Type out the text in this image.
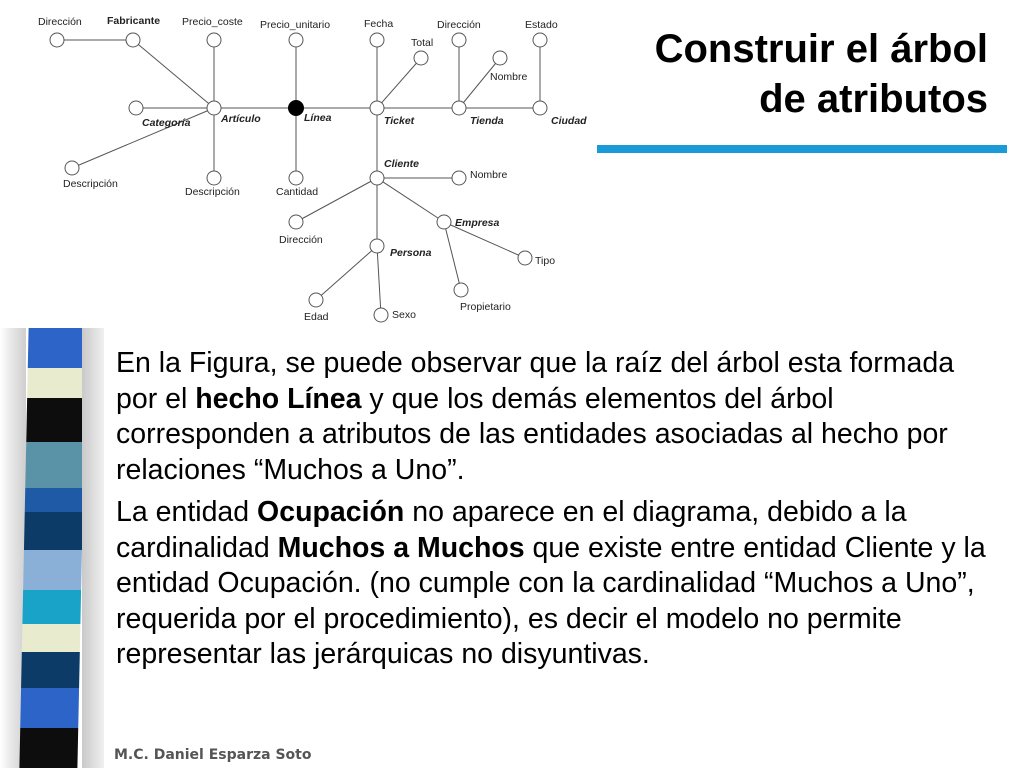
Dirección Fabricante Precio_coste Precio_unitario	Fecha
Total
Dirección	Estado
Nombre
Categoría	Artículo	Línea	Ticket	Tienda	Ciudad
Descripción
Descripción	Cantidad
Cliente
Nombre
Empresa
Dirección
Persona
Tipo
Propietario
Edad	Sexo
Construir el árbol
de atributos

En la Figura, se puede observar que la raíz del árbol esta formada por el hecho Línea y que los demás elementos del árbol corresponden a atributos de las entidades asociadas al hecho por relaciones “Muchos a Uno”.

La entidad Ocupación no aparece en el diagrama, debido a la cardinalidad Muchos a Muchos que existe entre entidad Cliente y la entidad Ocupación. (no cumple con la cardinalidad “Muchos a Uno”, requerida por el procedimiento), es decir el modelo no permite representar las jerárquicas no disyuntivas.

M.C. Daniel Esparza Soto
